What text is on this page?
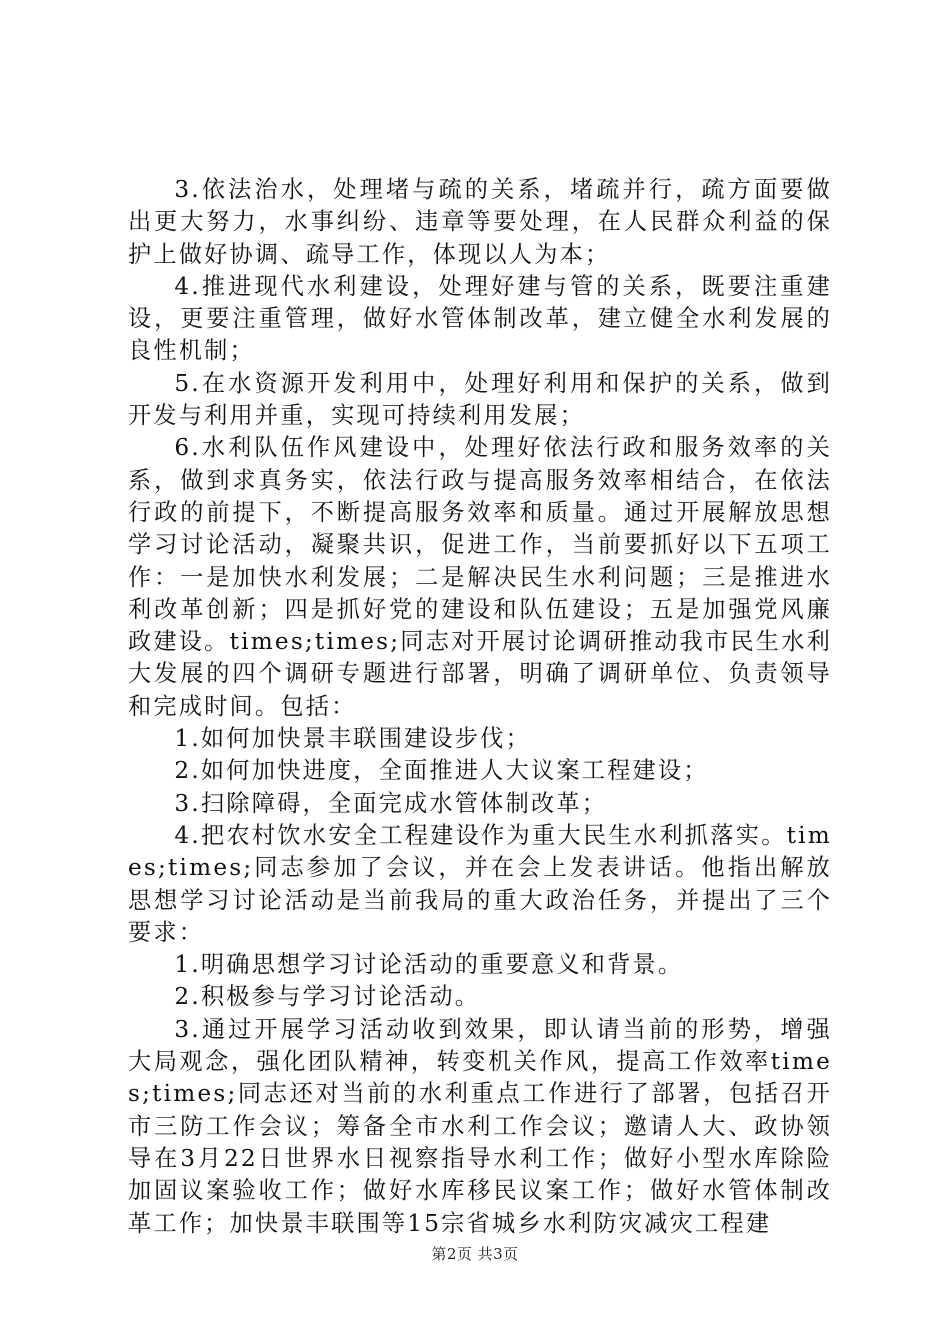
3.依法治水，处理堵与疏的关系，堵疏并行，疏方面要做出更大努力，水事纠纷、违章等要处理，在人民群众利益的保护上做好协调、疏导工作，体现以人为本；

4.推进现代水利建设，处理好建与管的关系，既要注重建设，更要注重管理，做好水管体制改革，建立健全水利发展的良性机制；

5.在水资源开发利用中，处理好利用和保护的关系，做到开发与利用并重，实现可持续利用发展；

6.水利队伍作风建设中，处理好依法行政和服务效率的关系，做到求真务实，依法行政与提高服务效率相结合，在依法行政的前提下，不断提高服务效率和质量。通过开展解放思想学习讨论活动，凝聚共识，促进工作，当前要抓好以下五项工作：一是加快水利发展；二是解决民生水利问题；三是推进水利改革创新；四是抓好党的建设和队伍建设；五是加强党风廉政建设。times;times;同志对开展讨论调研推动我市民生水利大发展的四个调研专题进行部署，明确了调研单位、负责领导和完成时间。包括：

1.如何加快景丰联围建设步伐；

2.如何加快进度，全面推进人大议案工程建设；

3.扫除障碍，全面完成水管体制改革；

4.把农村饮水安全工程建设作为重大民生水利抓落实。times;times;同志参加了会议，并在会上发表讲话。他指出解放思想学习讨论活动是当前我局的重大政治任务，并提出了三个要求：

1.明确思想学习讨论活动的重要意义和背景。

2.积极参与学习讨论活动。

3.通过开展学习活动收到效果，即认请当前的形势，增强大局观念，强化团队精神，转变机关作风，提高工作效率times;times;同志还对当前的水利重点工作进行了部署，包括召开市三防工作会议；筹备全市水利工作会议；邀请人大、政协领导在3月22日世界水日视察指导水利工作；做好小型水库除险加固议案验收工作；做好水库移民议案工作；做好水管体制改革工作；加快景丰联围等15宗省城乡水利防灾减灾工程建

第2页 共3页
